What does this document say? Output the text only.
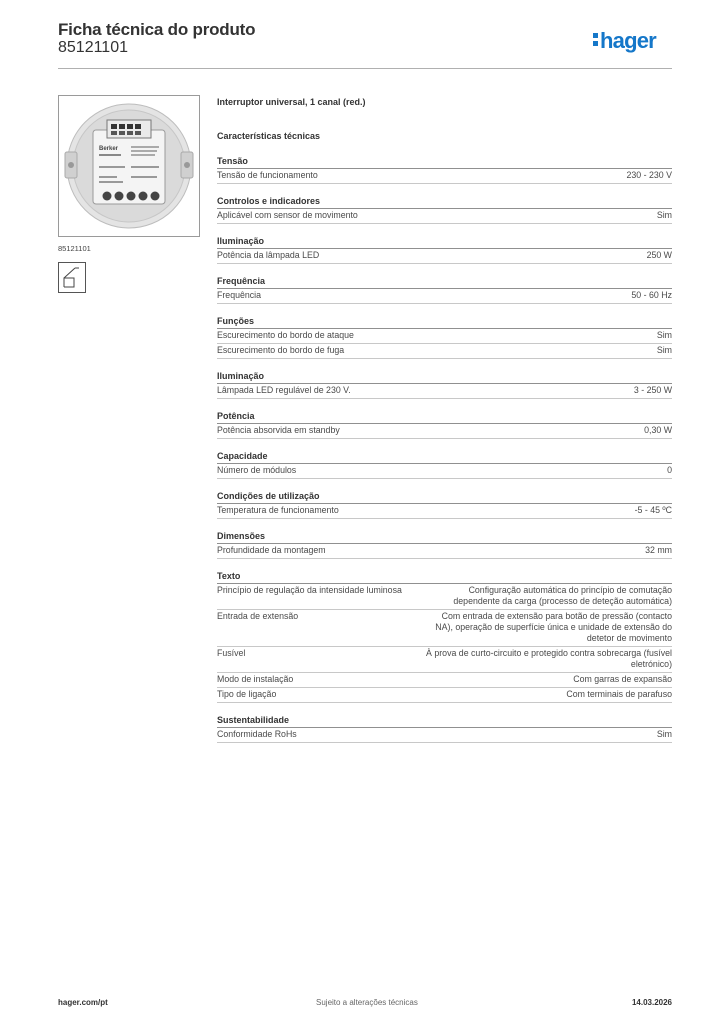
Ficha técnica do produto
85121101	hager
Berker
85121101
Interruptor universal, 1 canal (red.)
Características técnicas
Tensão
Tensão de funcionamento	230 - 230 V
Controlos e indicadores
Aplicável com sensor de movimento	Sim
Iluminação
Potência da lâmpada LED	250 W
Frequência
Frequência	50 - 60 Hz
Funções
Escurecimento do bordo de ataque	Sim
Escurecimento do bordo de fuga	Sim
Iluminação
Lâmpada LED regulável de 230 V.	3 - 250 W
Potência
Potência absorvida em standby	0,30 W
Capacidade
Número de módulos	0
Condições de utilização
Temperatura de funcionamento	-5 - 45 ºC
Dimensões
Profundidade da montagem	32 mm
Texto
Princípio de regulação da intensidade luminosa	Configuração automática do princípio de comutação dependente da carga (processo de deteção automática)
Entrada de extensão	Com entrada de extensão para botão de pressão (contacto NA), operação de superfície única e unidade de extensão do detetor de movimento
Fusível	À prova de curto-circuito e protegido contra sobrecarga (fusível eletrónico)
Modo de instalação	Com garras de expansão
Tipo de ligação	Com terminais de parafuso
Sustentabilidade
Conformidade RoHs	Sim
hager.com/pt	Sujeito a alterações técnicas	14.03.2026
